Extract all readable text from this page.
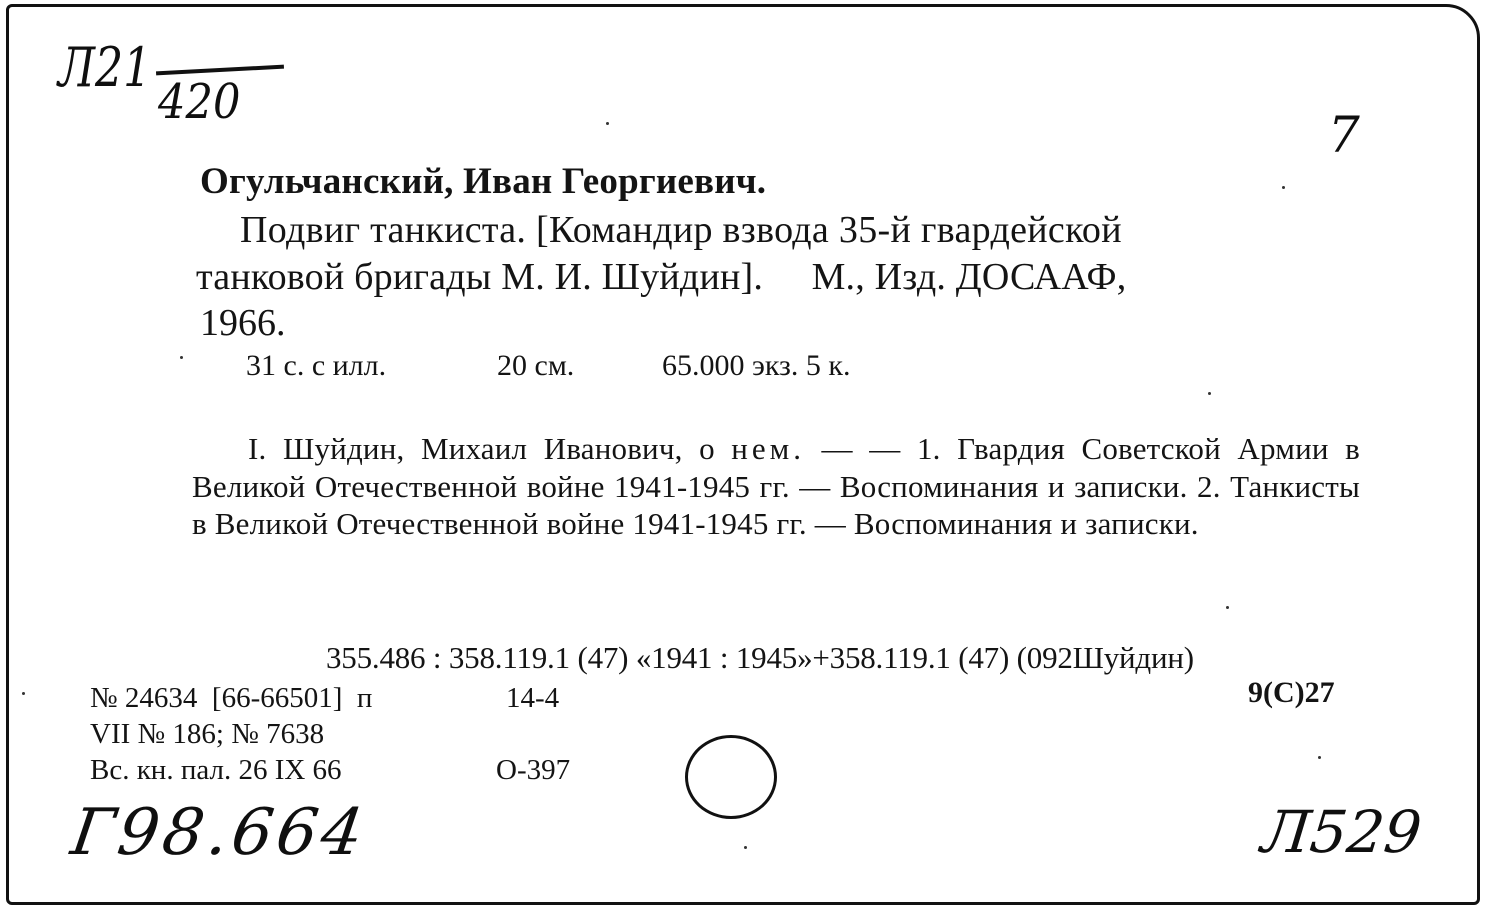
Л21
420
7
Огульчанский, Иван Георгиевич.
Подвиг танкиста. [Командир взвода 35-й гвардейской
танковой бригады М. И. Шуйдин].     М., Изд. ДОСААФ,
1966.
31 с. с илл.	20 см.	65.000 экз. 5 к.
I. Шуйдин, Михаил Иванович, о нем. — — 1. Гвардия Советской Армии в Великой Отечественной войне 1941-1945 гг. — Воспоминания и записки. 2. Танкисты в Великой Отечественной войне 1941-1945 гг. — Воспоминания и записки.
355.486 : 358.119.1 (47) «1941 : 1945»+358.119.1 (47) (092Шуйдин)
9(С)27
№ 24634  [66-66501]  п	14-4
VII № 186; № 7638
Вс. кн. пал. 26 IX 66	О-397
Г98.664	Л529
